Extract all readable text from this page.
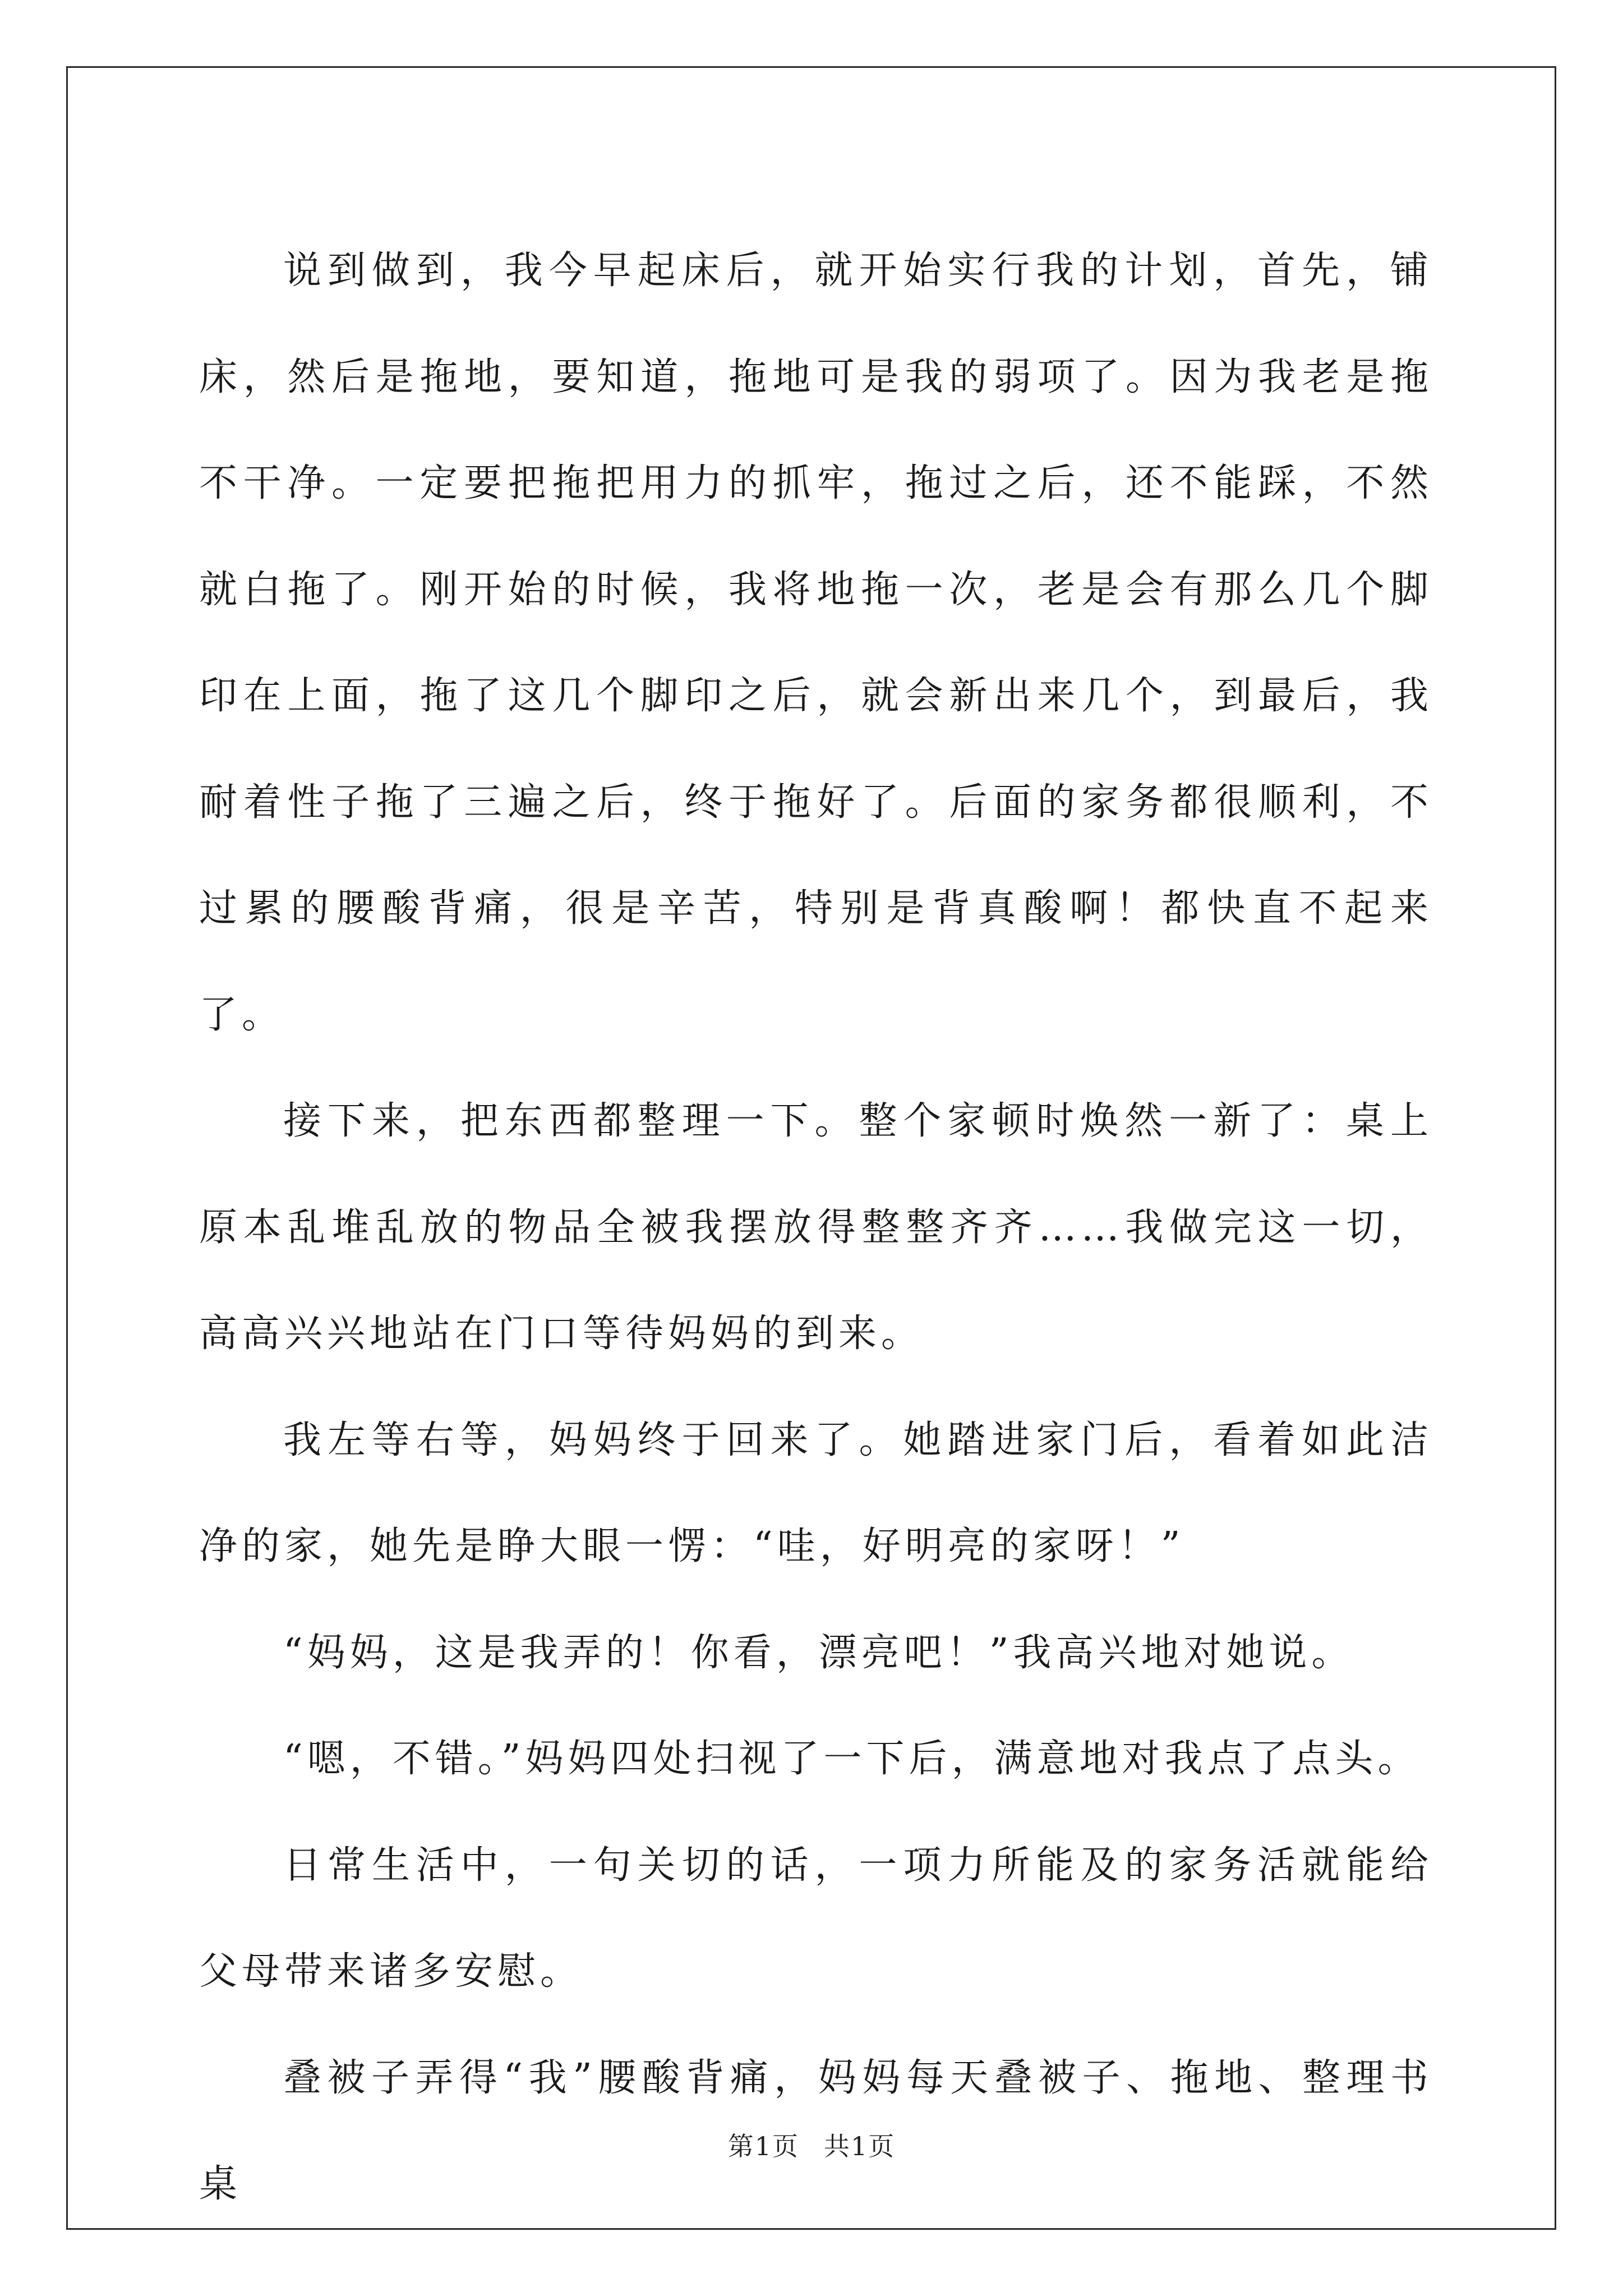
说到做到，我今早起床后，就开始实行我的计划，首先，铺床，然后是拖地，要知道，拖地可是我的弱项了。因为我老是拖不干净。一定要把拖把用力的抓牢，拖过之后，还不能踩，不然就白拖了。刚开始的时候，我将地拖一次，老是会有那么几个脚印在上面，拖了这几个脚印之后，就会新出来几个，到最后，我耐着性子拖了三遍之后，终于拖好了。后面的家务都很顺利，不过累的腰酸背痛，很是辛苦，特别是背真酸啊！都快直不起来了。

接下来，把东西都整理一下。整个家顿时焕然一新了：桌上原本乱堆乱放的物品全被我摆放得整整齐齐……我做完这一切，高高兴兴地站在门口等待妈妈的到来。

我左等右等，妈妈终于回来了。她踏进家门后，看着如此洁净的家，她先是睁大眼一愣：“哇，好明亮的家呀！”

“妈妈，这是我弄的！你看，漂亮吧！”我高兴地对她说。

“嗯，不错。”妈妈四处扫视了一下后，满意地对我点了点头。

日常生活中，一句关切的话，一项力所能及的家务活就能给父母带来诸多安慰。

叠被子弄得“我”腰酸背痛，妈妈每天叠被子、拖地、整理书桌

第1页 共1页
